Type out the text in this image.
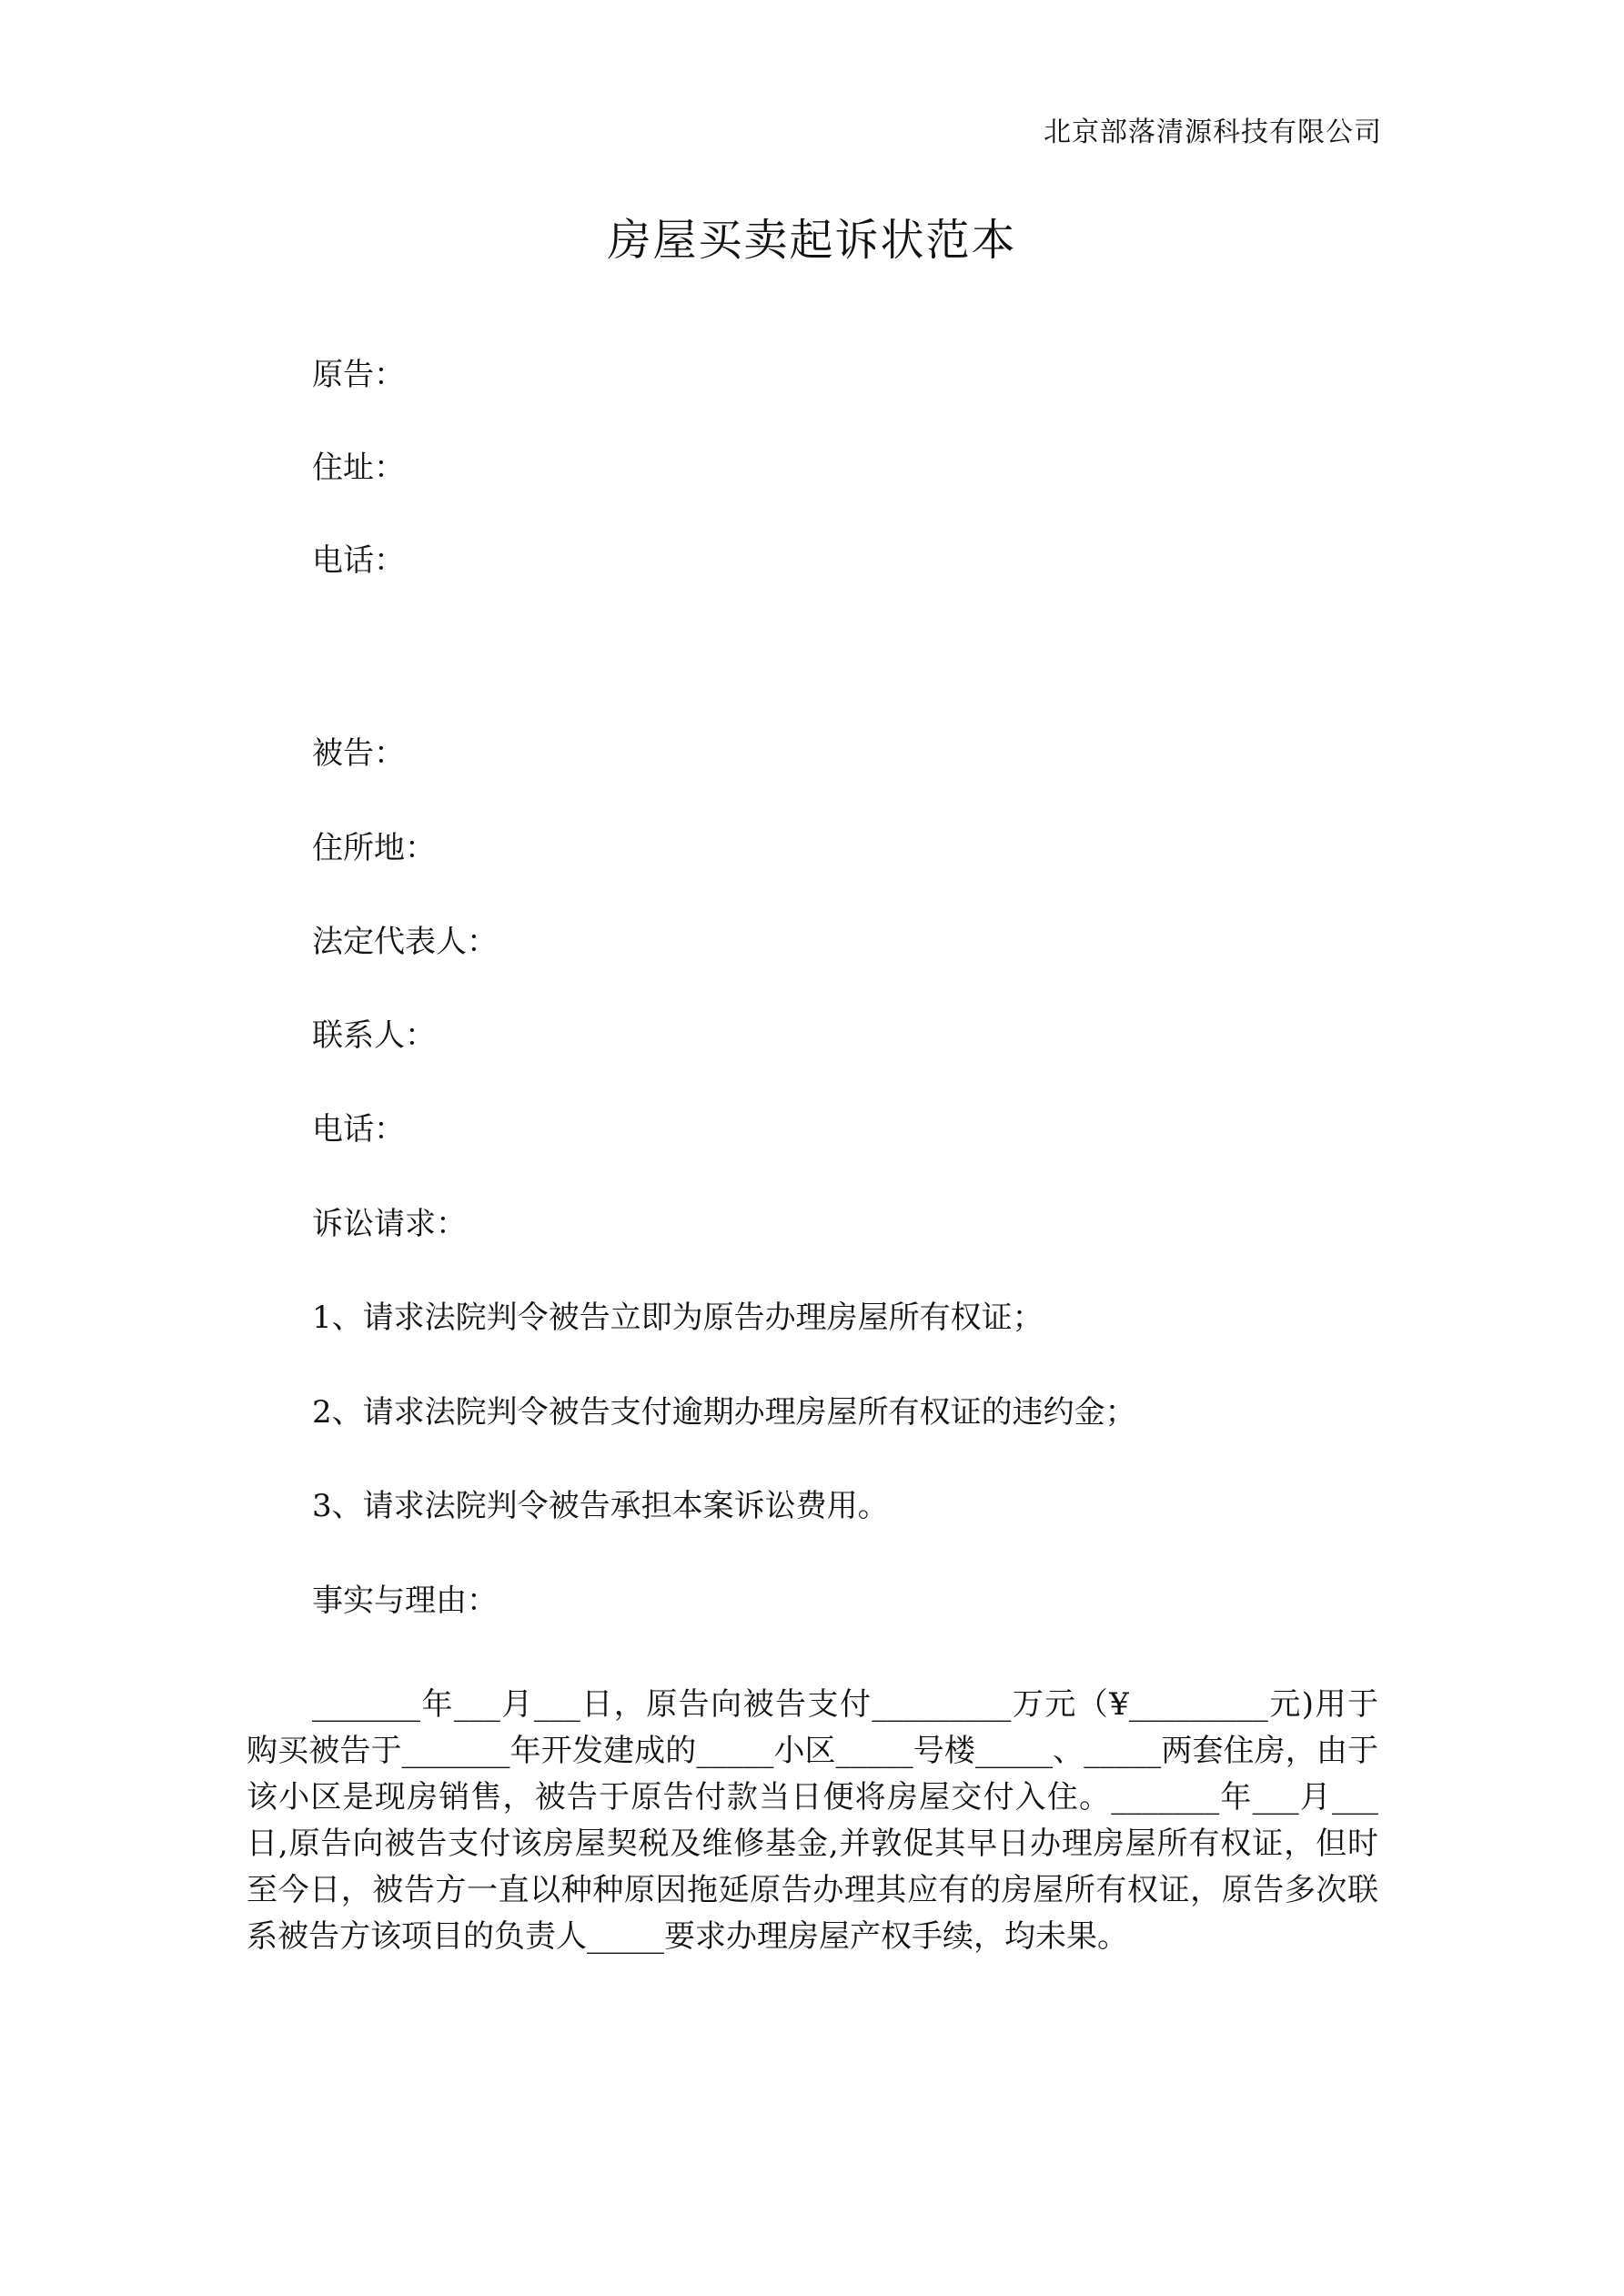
北京部落清源科技有限公司
房屋买卖起诉状范本

原告：

住址：

电话：

被告：

住所地：

法定代表人：

联系人：

电话：

诉讼请求：

1、请求法院判令被告立即为原告办理房屋所有权证；

2、请求法院判令被告支付逾期办理房屋所有权证的违约金；

3、请求法院判令被告承担本案诉讼费用。

事实与理由：

_______年___月___日，原告向被告支付_________万元（¥_________元)用于购买被告于_______年开发建成的_____小区_____号楼_____、_____两套住房，由于该小区是现房销售，被告于原告付款当日便将房屋交付入住。_______年___月___日,原告向被告支付该房屋契税及维修基金,并敦促其早日办理房屋所有权证，但时至今日，被告方一直以种种原因拖延原告办理其应有的房屋所有权证，原告多次联系被告方该项目的负责人_____要求办理房屋产权手续，均未果。
